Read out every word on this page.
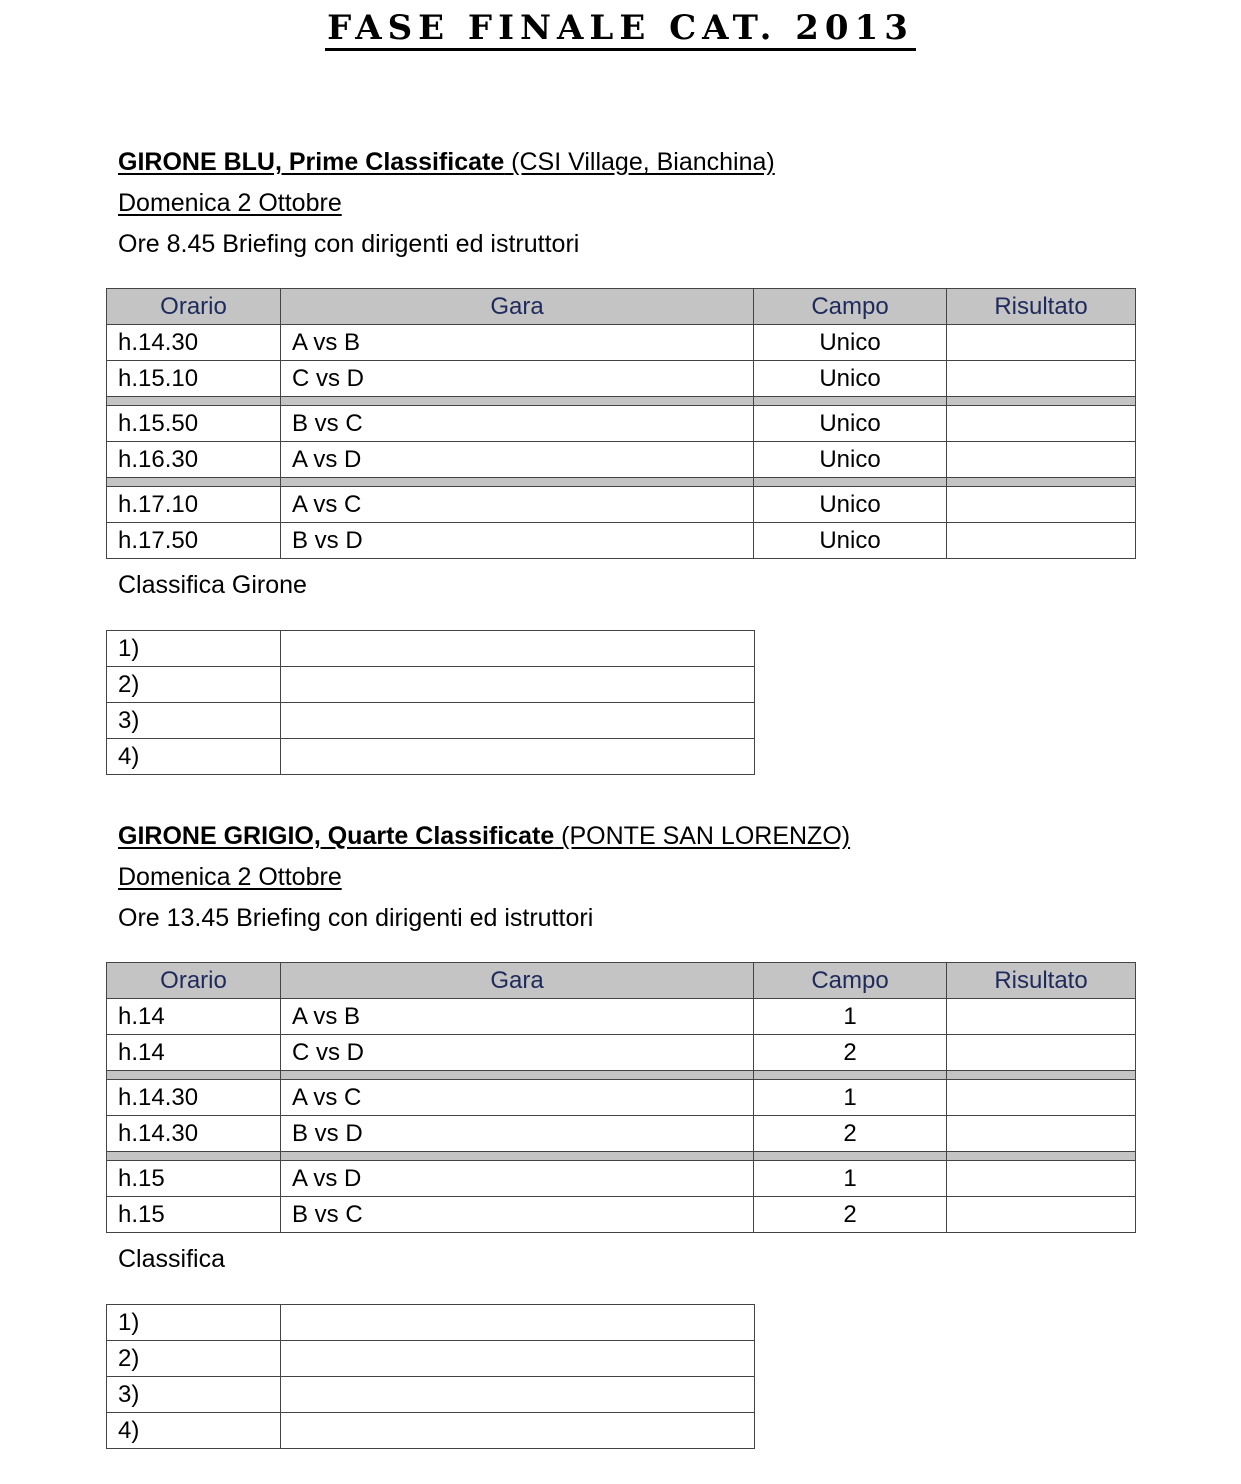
FASE FINALE CAT. 2013
GIRONE BLU, Prime Classificate (CSI Village, Bianchina)
Domenica 2 Ottobre
Ore 8.45 Briefing con dirigenti ed istruttori
Orario	Gara	Campo	Risultato
h.14.30	A vs B	Unico	
h.15.10	C vs D	Unico	

h.15.50	B vs C	Unico	
h.16.30	A vs D	Unico	

h.17.10	A vs C	Unico	
h.17.50	B vs D	Unico	
Classifica Girone
1)	
2)	
3)	
4)	
GIRONE GRIGIO, Quarte Classificate (PONTE SAN LORENZO)
Domenica 2 Ottobre
Ore 13.45 Briefing con dirigenti ed istruttori
Orario	Gara	Campo	Risultato
h.14	A vs B	1	
h.14	C vs D	2	

h.14.30	A vs C	1	
h.14.30	B vs D	2	

h.15	A vs D	1	
h.15	B vs C	2	
Classifica
1)	
2)	
3)	
4)	
